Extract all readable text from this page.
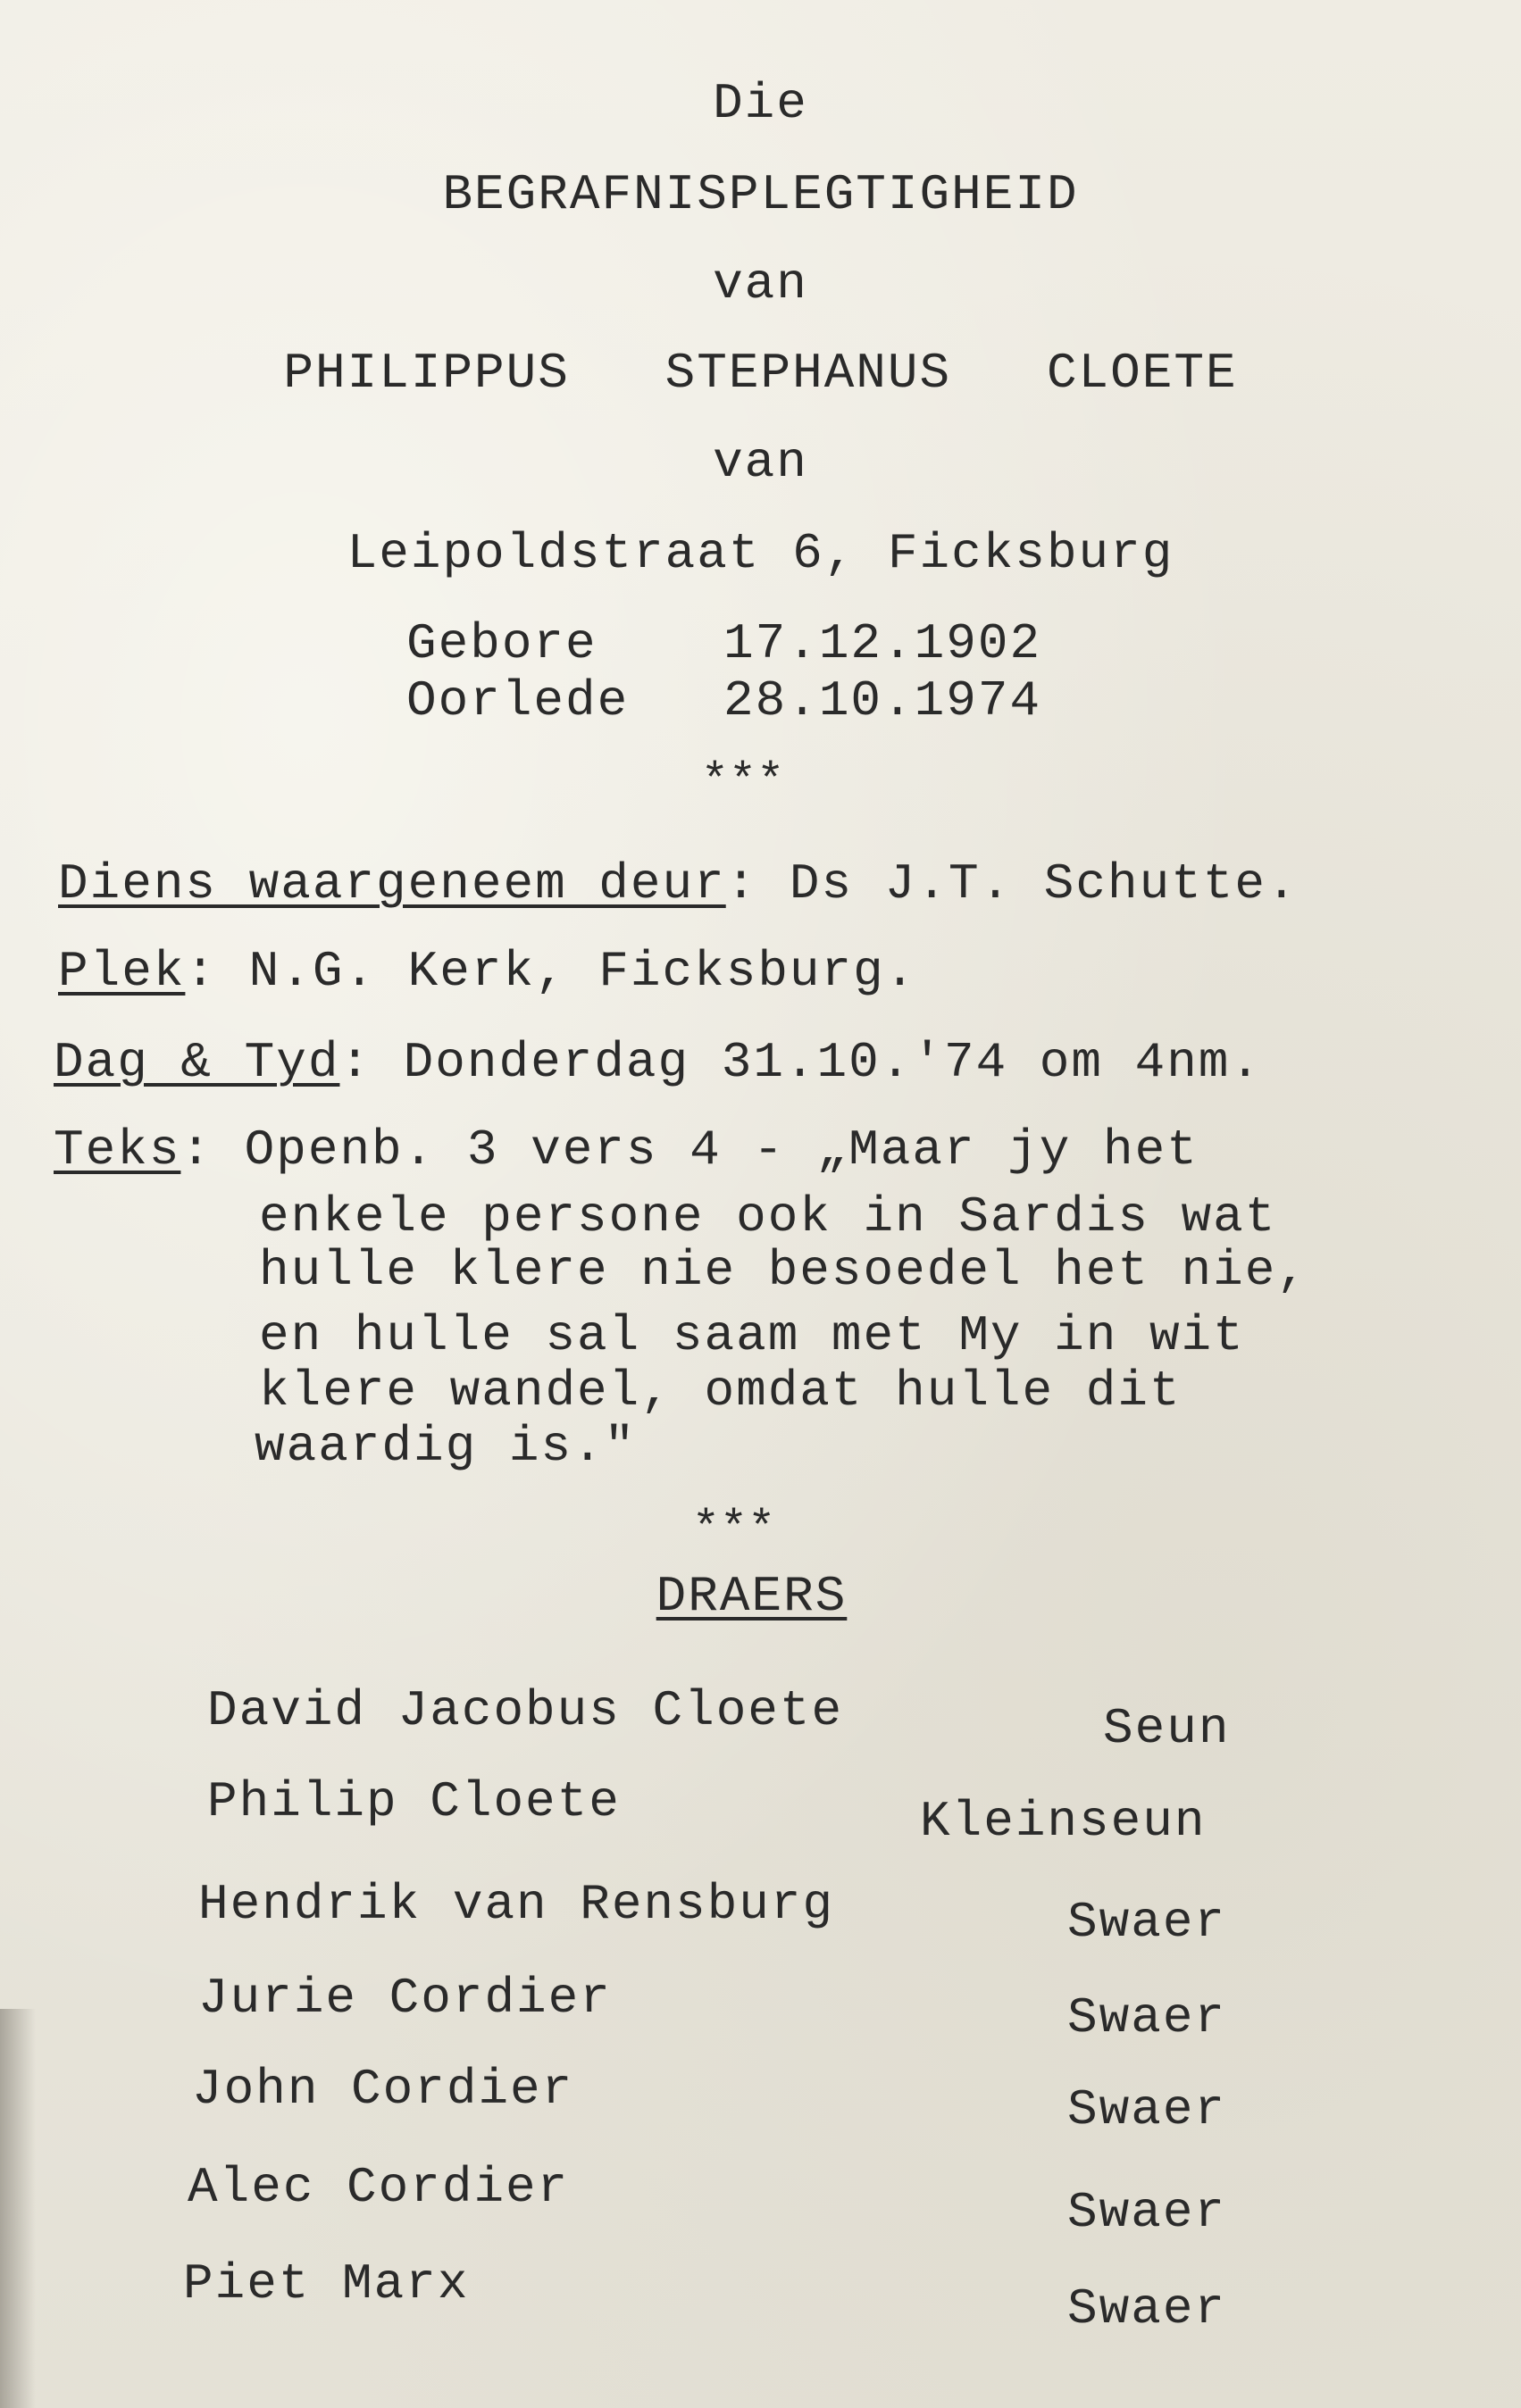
Die
BEGRAFNISPLEGTIGHEID
van
PHILIPPUS   STEPHANUS   CLOETE
van
Leipoldstraat 6, Ficksburg
Gebore	17.12.1902
Oorlede 28.10.1974
***
Diens waargeneem deur: Ds J.T. Schutte.
Plek: N.G. Kerk, Ficksburg.
Dag & Tyd: Donderdag 31.10.'74 om 4nm.
Teks: Openb. 3 vers 4 - „Maar jy het
enkele persone ook in Sardis wat
hulle klere nie besoedel het nie,
en hulle sal saam met My in wit
klere wandel, omdat hulle dit
waardig is."
***
DRAERS
David Jacobus Cloete	Seun
Philip Cloete	Kleinseun
Hendrik van Rensburg	Swaer
Jurie Cordier	Swaer
John Cordier	Swaer
Alec Cordier	Swaer
Piet Marx	Swaer
